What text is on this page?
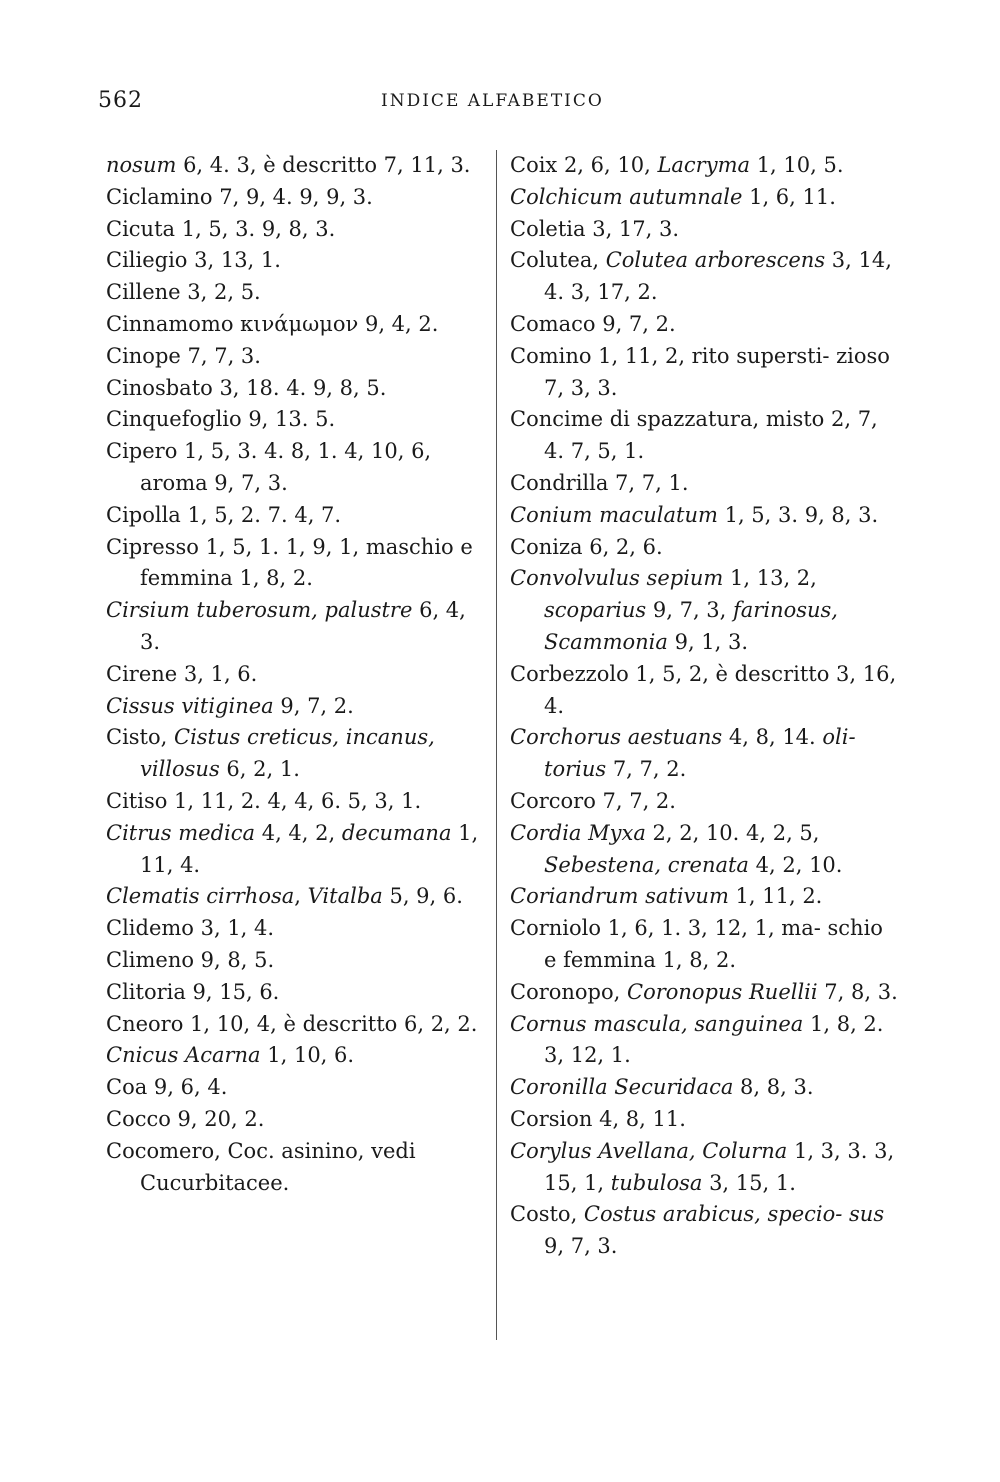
562	INDICE ALFABETICO

nosum 6, 4. 3, è descritto 7, 11, 3.

Ciclamino 7, 9, 4. 9, 9, 3.

Cicuta 1, 5, 3. 9, 8, 3.

Ciliegio 3, 13, 1.

Cillene 3, 2, 5.

Cinnamomo κινάμωμον 9, 4, 2.

Cinope 7, 7, 3.

Cinosbato 3, 18. 4. 9, 8, 5.

Cinquefoglio 9, 13. 5.

Cipero 1, 5, 3. 4. 8, 1. 4, 10, 6, aroma 9, 7, 3.

Cipolla 1, 5, 2. 7. 4, 7.

Cipresso 1, 5, 1. 1, 9, 1, maschio e femmina 1, 8, 2.

Cirsium tuberosum, palustre 6, 4, 3.

Cirene 3, 1, 6.

Cissus vitiginea 9, 7, 2.

Cisto, Cistus creticus, incanus, villosus 6, 2, 1.

Citiso 1, 11, 2. 4, 4, 6. 5, 3, 1.

Citrus medica 4, 4, 2, decumana 1, 11, 4.

Clematis cirrhosa, Vitalba 5, 9, 6.

Clidemo 3, 1, 4.

Climeno 9, 8, 5.

Clitoria 9, 15, 6.

Cneoro 1, 10, 4, è descritto 6, 2, 2.

Cnicus Acarna 1, 10, 6.

Coa 9, 6, 4.

Cocco 9, 20, 2.

Cocomero, Coc. asinino, vedi Cucurbitacee.

Coix 2, 6, 10, Lacryma 1, 10, 5.

Colchicum autumnale 1, 6, 11.

Coletia 3, 17, 3.

Colutea, Colutea arborescens 3, 14, 4. 3, 17, 2.

Comaco 9, 7, 2.

Comino 1, 11, 2, rito supersti- zioso 7, 3, 3.

Concime di spazzatura, misto 2, 7, 4. 7, 5, 1.

Condrilla 7, 7, 1.

Conium maculatum 1, 5, 3. 9, 8, 3.

Coniza 6, 2, 6.

Convolvulus sepium 1, 13, 2, scoparius 9, 7, 3, farinosus, Scammonia 9, 1, 3.

Corbezzolo 1, 5, 2, è descritto 3, 16, 4.

Corchorus aestuans 4, 8, 14. oli- torius 7, 7, 2.

Corcoro 7, 7, 2.

Cordia Myxa 2, 2, 10. 4, 2, 5, Sebestena, crenata 4, 2, 10.

Coriandrum sativum 1, 11, 2.

Corniolo 1, 6, 1. 3, 12, 1, ma- schio e femmina 1, 8, 2.

Coronopo, Coronopus Ruellii 7, 8, 3.

Cornus mascula, sanguinea 1, 8, 2. 3, 12, 1.

Coronilla Securidaca 8, 8, 3.

Corsion 4, 8, 11.

Corylus Avellana, Colurna 1, 3, 3. 3, 15, 1, tubulosa 3, 15, 1.

Costo, Costus arabicus, specio- sus 9, 7, 3.
